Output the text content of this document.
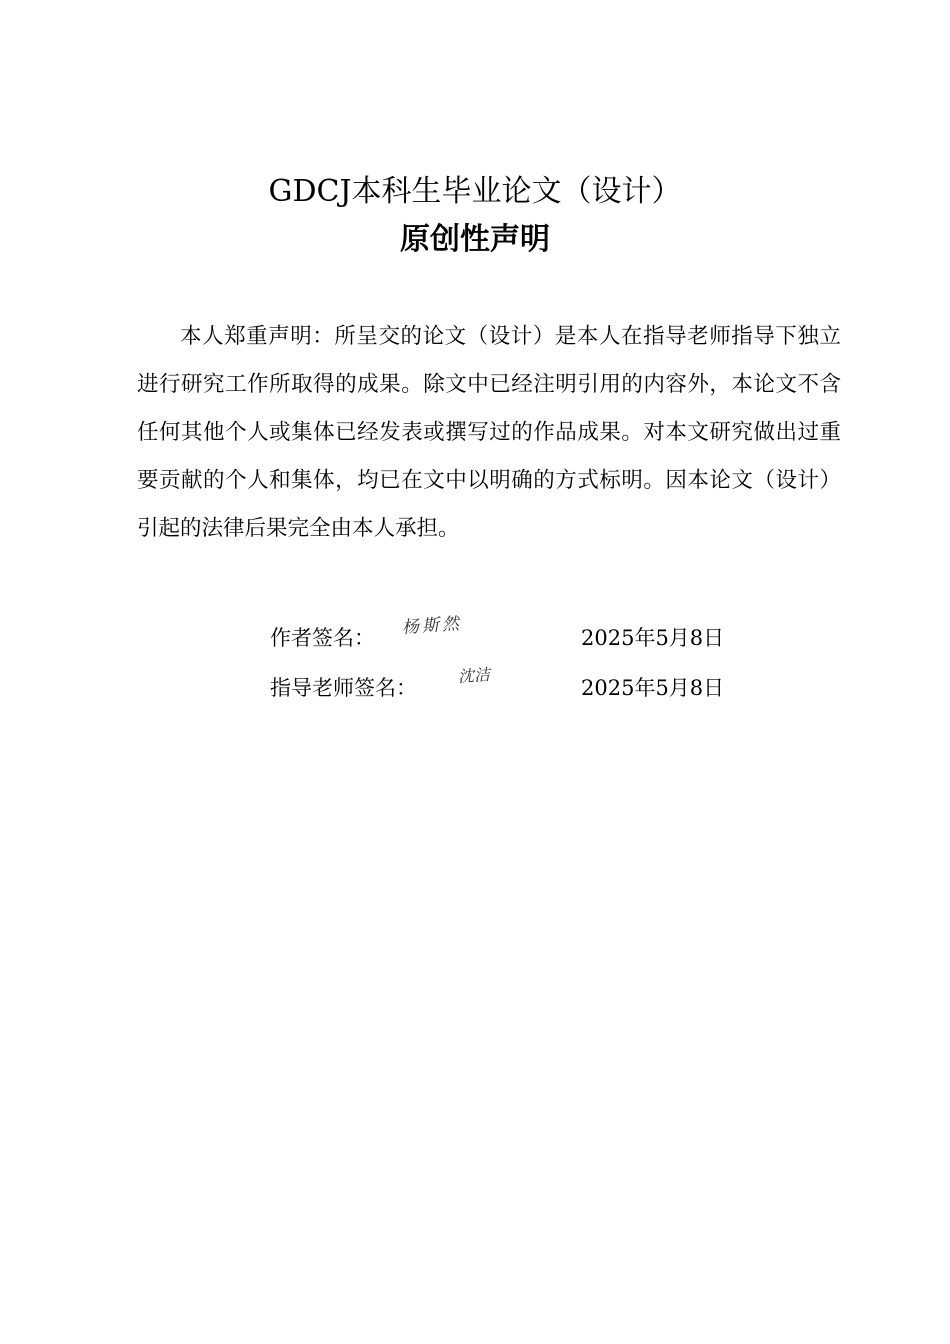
GDCJ本科生毕业论文（设计）
原创性声明

本人郑重声明：所呈交的论文（设计）是本人在指导老师指导下独立进行研究工作所取得的成果。除文中已经注明引用的内容外，本论文不含任何其他个人或集体已经发表或撰写过的作品成果。对本文研究做出过重要贡献的个人和集体，均已在文中以明确的方式标明。因本论文（设计）引起的法律后果完全由本人承担。

作者签名： 杨斯然	2025年5月8日
指导老师签名：
沈洁
2025年5月8日
